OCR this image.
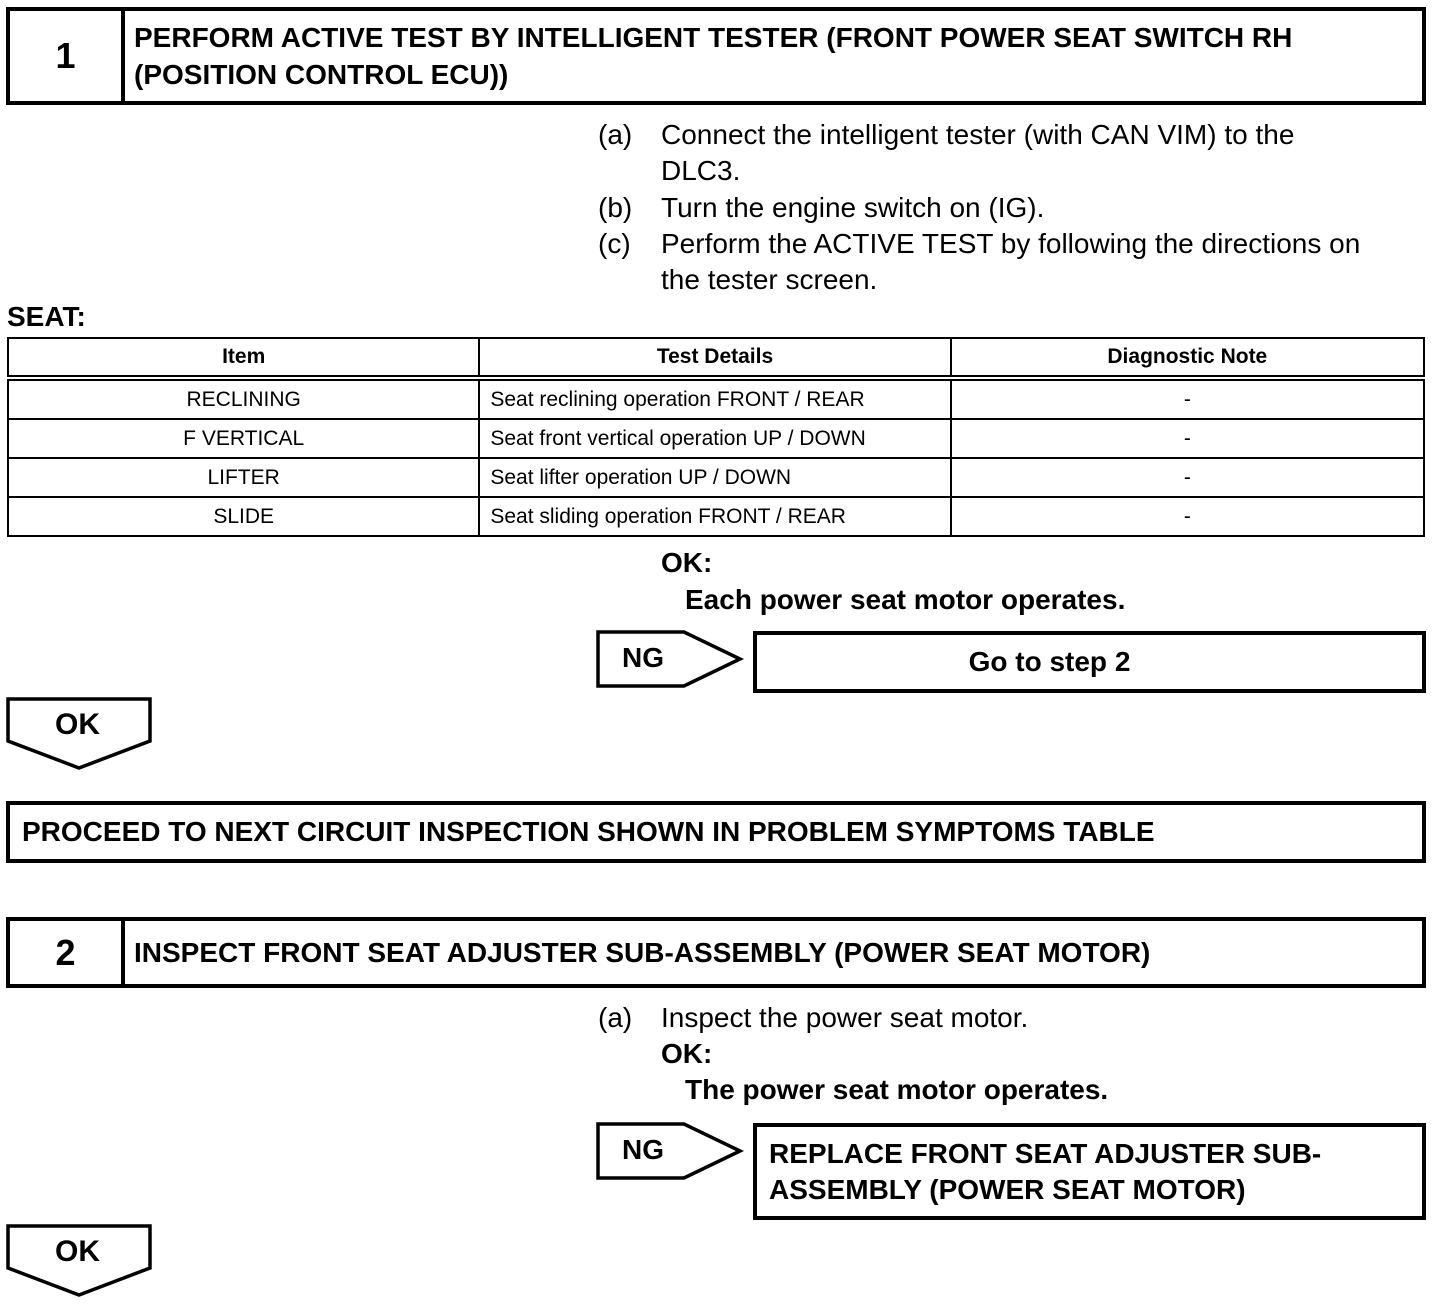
1	PERFORM ACTIVE TEST BY INTELLIGENT TESTER (FRONT POWER SEAT SWITCH RH
(POSITION CONTROL ECU))
(a) Connect the intelligent tester (with CAN VIM) to the
DLC3.
(b) Turn the engine switch on (IG).
(c) Perform the ACTIVE TEST by following the directions on
the tester screen.
SEAT:
Item	Test Details	Diagnostic Note
RECLINING	Seat reclining operation FRONT / REAR	-
F VERTICAL	Seat front vertical operation UP / DOWN	-
LIFTER	Seat lifter operation UP / DOWN	-
SLIDE	Seat sliding operation FRONT / REAR	-
OK:
Each power seat motor operates.
NG	Go to step 2
OK
PROCEED TO NEXT CIRCUIT INSPECTION SHOWN IN PROBLEM SYMPTOMS TABLE
2	INSPECT FRONT SEAT ADJUSTER SUB-ASSEMBLY (POWER SEAT MOTOR)
(a) Inspect the power seat motor.
OK:
The power seat motor operates.
NG	REPLACE FRONT SEAT ADJUSTER SUB-
ASSEMBLY (POWER SEAT MOTOR)
OK
